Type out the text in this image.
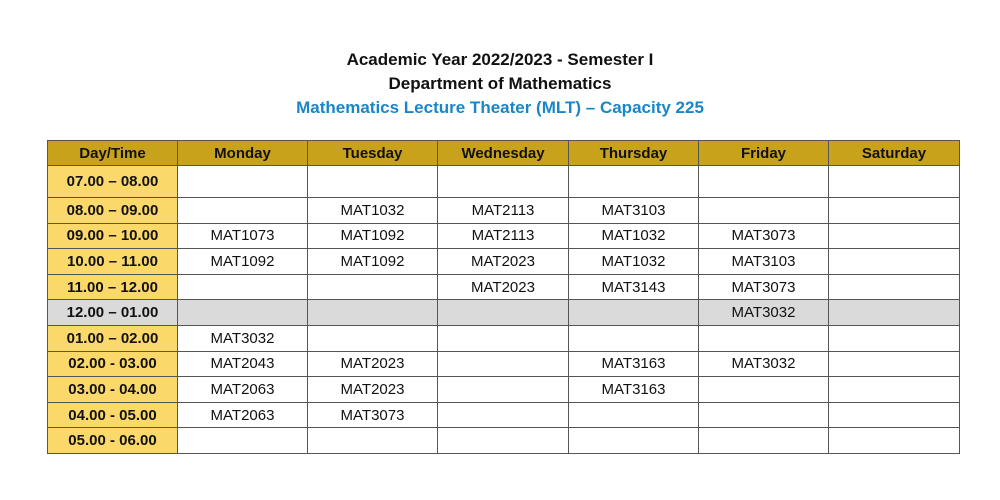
Academic Year 2022/2023 - Semester I
Department of Mathematics
Mathematics Lecture Theater (MLT) – Capacity 225
Day/Time	Monday	Tuesday	Wednesday	Thursday	Friday	Saturday
07.00 – 08.00						
08.00 – 09.00		MAT1032	MAT2113	MAT3103		
09.00 – 10.00	MAT1073	MAT1092	MAT2113	MAT1032	MAT3073	
10.00 – 11.00	MAT1092	MAT1092	MAT2023	MAT1032	MAT3103	
11.00 – 12.00			MAT2023	MAT3143	MAT3073	
12.00 – 01.00					MAT3032	
01.00 – 02.00	MAT3032					
02.00 - 03.00	MAT2043	MAT2023		MAT3163	MAT3032	
03.00 - 04.00	MAT2063	MAT2023		MAT3163		
04.00 - 05.00	MAT2063	MAT3073				
05.00 - 06.00						
